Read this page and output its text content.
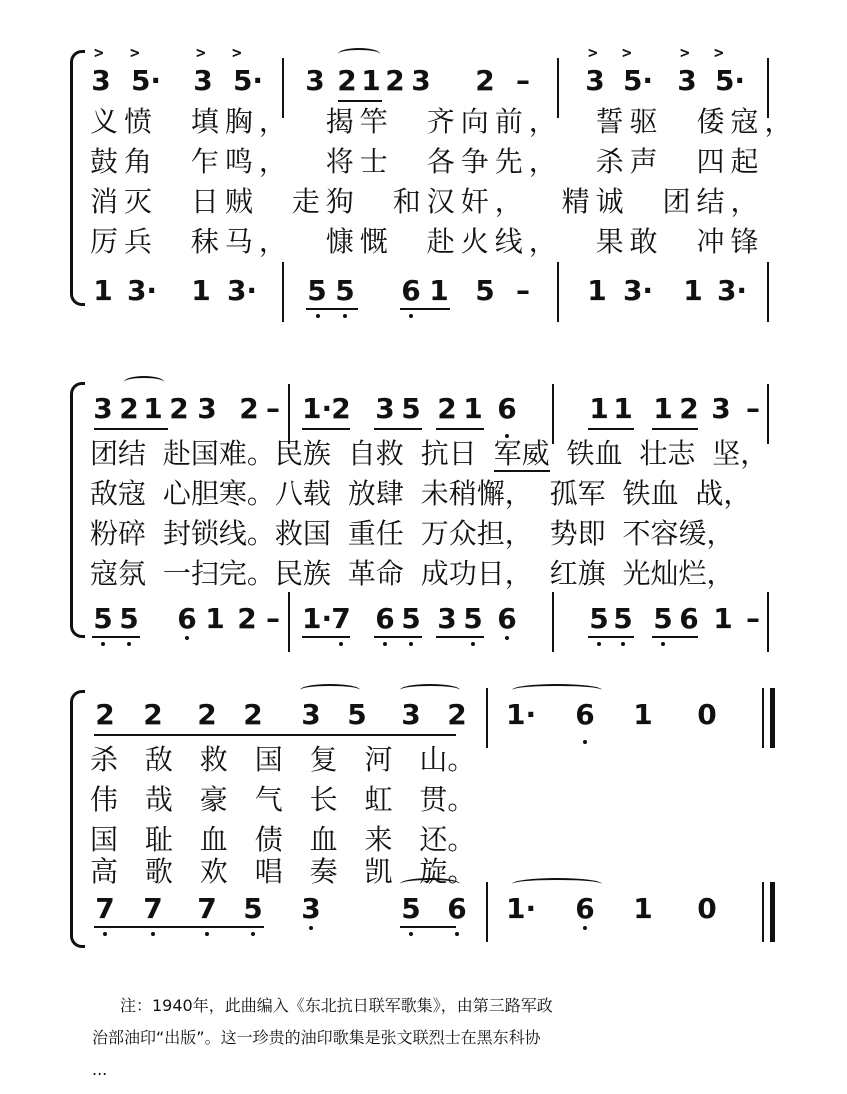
> >	> >	> >	> >
3 5· 3 5· 3 2 1 2 3 2 – 3 5· 3 5·
义愤 填胸， 揭竿 齐向前， 誓驱 倭寇，
鼓角 乍鸣， 将士 各争先， 杀声 四起
消灭 日贼 走狗 和汉奸， 精诚 团结，
厉兵 秣马， 慷慨 赴火线， 果敢 冲锋
1 3· 1 3· 5 5 6 1 5 – 1 3· 1 3·
3 2 1 2 3 2 – 1· 2 3 5 2 1 6	1 1 1 2 3 –
团结 赴国难。民族 自救 抗日 军威 铁血 壮志 坚，
敌寇 心胆寒。八载 放肆 未稍懈， 孤军 铁血 战，
粉碎 封锁线。救国 重任 万众担， 势即 不容缓，
寇氛 一扫完。民族 革命 成功日， 红旗 光灿烂，
5 5 6 1 2 – 1· 7 6 5 3 5 6	5 5 5 6 1 –
2 2 2 2 3 5 3 2 1· 6 1 0
杀 敌 救 国 复 河 山。
伟 哉 豪 气 长 虹 贯。
国 耻 血 债 血 来 还。
高 歌 欢 唱 奏 凯 旋。
7 7 7 5 3	5 6 1· 6 1 0

注：1940年，此曲编入《东北抗日联军歌集》，由第三路军政

治部油印“出版”。这一珍贵的油印歌集是张文联烈士在黑东科协

...
